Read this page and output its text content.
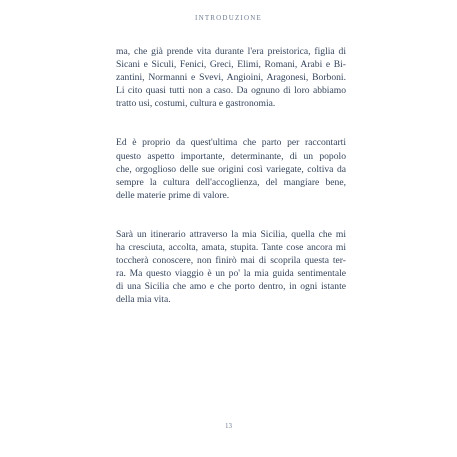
INTRODUZIONE

ma, che già prende vita durante l'era preistorica, figlia di
Sicani e Siculi, Fenici, Greci, Elimi, Romani, Arabi e Bi-
zantini, Normanni e Svevi, Angioini, Aragonesi, Borboni.
Li cito quasi tutti non a caso. Da ognuno di loro abbiamo
tratto usi, costumi, cultura e gastronomia.

Ed è proprio da quest'ultima che parto per raccontarti
questo aspetto importante, determinante, di un popolo
che, orgoglioso delle sue origini così variegate, coltiva da
sempre la cultura dell'accoglienza, del mangiare bene,
delle materie prime di valore.

Sarà un itinerario attraverso la mia Sicilia, quella che mi
ha cresciuta, accolta, amata, stupita. Tante cose ancora mi
toccherà conoscere, non finirò mai di scoprila questa ter-
ra. Ma questo viaggio è un po' la mia guida sentimentale
di una Sicilia che amo e che porto dentro, in ogni istante
della mia vita.

13
